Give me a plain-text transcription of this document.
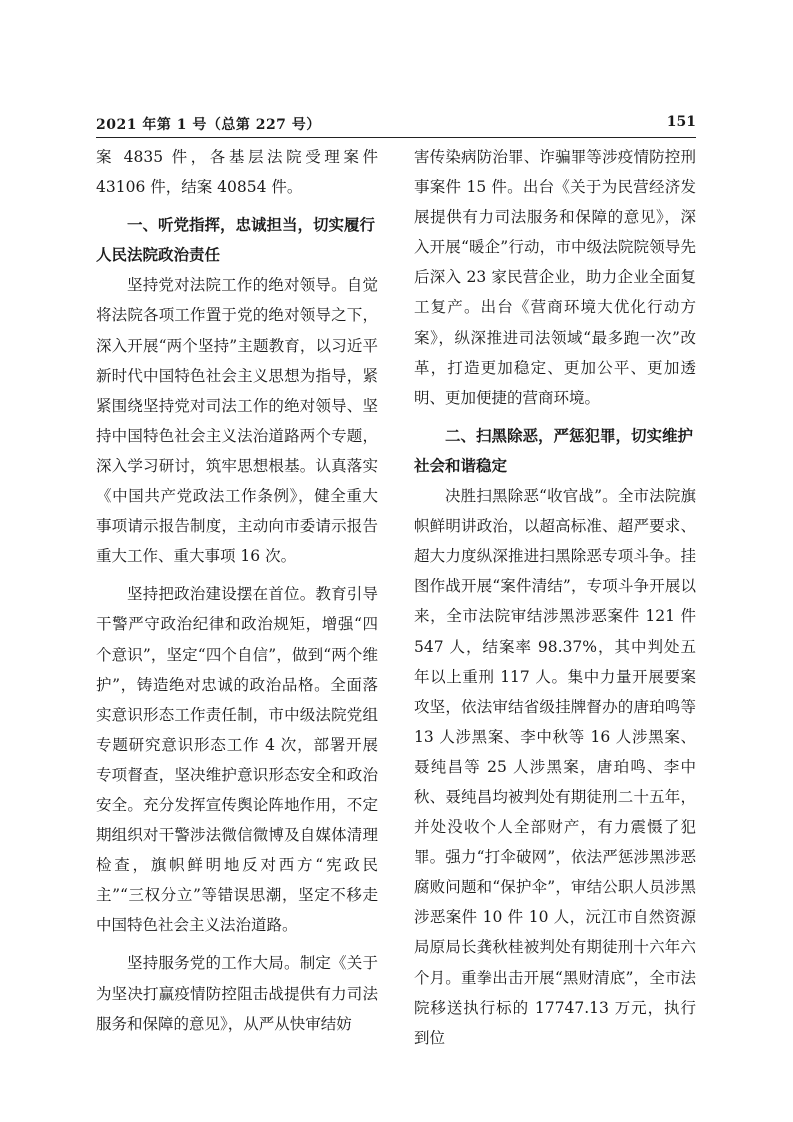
2021 年第 1 号（总第 227 号）	151

案 4835 件，各基层法院受理案件 43106 件，结案 40854 件。

一、听党指挥，忠诚担当，切实履行人民法院政治责任

坚持党对法院工作的绝对领导。自觉将法院各项工作置于党的绝对领导之下，深入开展“两个坚持”主题教育，以习近平新时代中国特色社会主义思想为指导，紧紧围绕坚持党对司法工作的绝对领导、坚持中国特色社会主义法治道路两个专题，深入学习研讨，筑牢思想根基。认真落实《中国共产党政法工作条例》，健全重大事项请示报告制度，主动向市委请示报告重大工作、重大事项 16 次。

坚持把政治建设摆在首位。教育引导干警严守政治纪律和政治规矩，增强“四个意识”，坚定“四个自信”，做到“两个维护”，铸造绝对忠诚的政治品格。全面落实意识形态工作责任制，市中级法院党组专题研究意识形态工作 4 次，部署开展专项督查，坚决维护意识形态安全和政治安全。充分发挥宣传舆论阵地作用，不定期组织对干警涉法微信微博及自媒体清理检查，旗帜鲜明地反对西方“宪政民主”“三权分立”等错误思潮，坚定不移走中国特色社会主义法治道路。

坚持服务党的工作大局。制定《关于为坚决打赢疫情防控阻击战提供有力司法服务和保障的意见》，从严从快审结妨

害传染病防治罪、诈骗罪等涉疫情防控刑事案件 15 件。出台《关于为民营经济发展提供有力司法服务和保障的意见》，深入开展“暖企”行动，市中级法院院领导先后深入 23 家民营企业，助力企业全面复工复产。出台《营商环境大优化行动方案》，纵深推进司法领域“最多跑一次”改革，打造更加稳定、更加公平、更加透明、更加便捷的营商环境。

二、扫黑除恶，严惩犯罪，切实维护社会和谐稳定

决胜扫黑除恶“收官战”。全市法院旗帜鲜明讲政治，以超高标准、超严要求、超大力度纵深推进扫黑除恶专项斗争。挂图作战开展“案件清结”，专项斗争开展以来，全市法院审结涉黑涉恶案件 121 件 547 人，结案率 98.37%，其中判处五年以上重刑 117 人。集中力量开展要案攻坚，依法审结省级挂牌督办的唐珀鸣等 13 人涉黑案、李中秋等 16 人涉黑案、聂纯昌等 25 人涉黑案，唐珀鸣、李中秋、聂纯昌均被判处有期徒刑二十五年，并处没收个人全部财产，有力震慑了犯罪。强力“打伞破网”，依法严惩涉黑涉恶腐败问题和“保护伞”，审结公职人员涉黑涉恶案件 10 件 10 人，沅江市自然资源局原局长龚秋桂被判处有期徒刑十六年六个月。重拳出击开展“黑财清底”，全市法院移送执行标的 17747.13 万元，执行到位
